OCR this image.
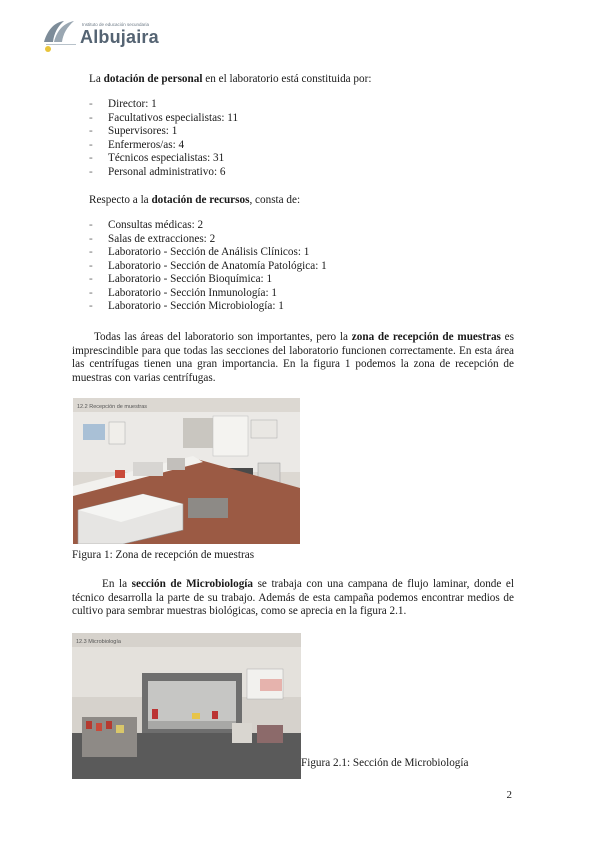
Instituto de educación secundaria
Albujaira

La dotación de personal en el laboratorio está constituida por:

- Director: 1
- Facultativos especialistas: 11
- Supervisores: 1
- Enfermeros/as: 4
- Técnicos especialistas: 31
- Personal administrativo: 6

Respecto a la dotación de recursos, consta de:

- Consultas médicas: 2
- Salas de extracciones: 2
- Laboratorio - Sección de Análisis Clínicos: 1
- Laboratorio - Sección de Anatomía Patológica: 1
- Laboratorio - Sección Bioquímica: 1
- Laboratorio - Sección Inmunología: 1
- Laboratorio - Sección Microbiología: 1

Todas las áreas del laboratorio son importantes, pero la zona de recepción de muestras es imprescindible para que todas las secciones del laboratorio funcionen correctamente. En esta área las centrífugas tienen una gran importancia. En la figura 1 podemos la zona de recepción de muestras con varias centrífugas.

12.2 Recepción de muestras

Figura 1: Zona de recepción de muestras

En la sección de Microbiología se trabaja con una campana de flujo laminar, donde el técnico desarrolla la parte de su trabajo. Además de esta campaña podemos encontrar medios de cultivo para sembrar muestras biológicas, como se aprecia en la figura 2.1.

12.3 Microbiología

Figura 2.1: Sección de Microbiología

2
